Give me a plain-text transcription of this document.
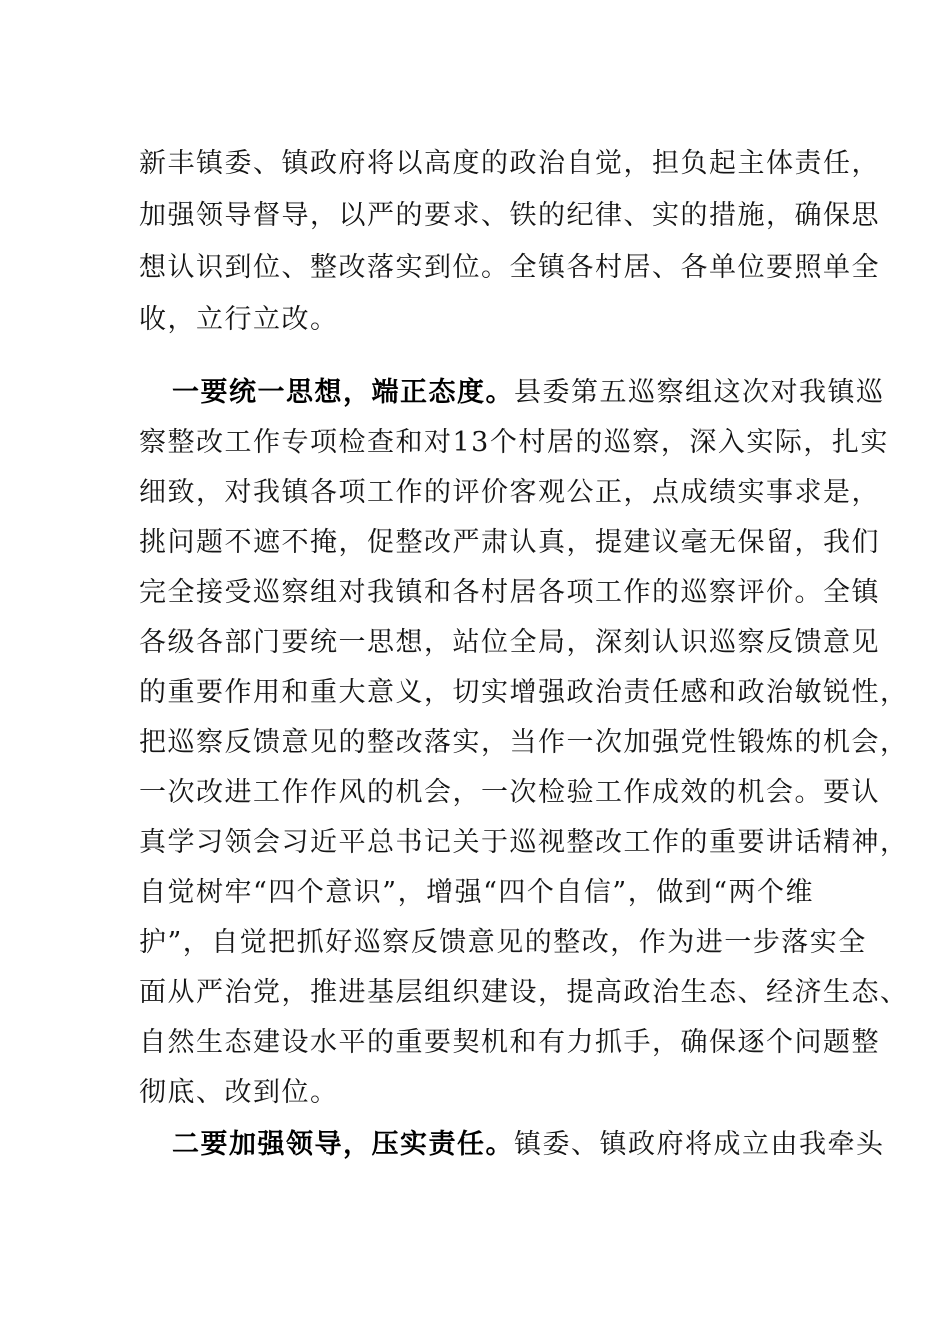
新丰镇委、镇政府将以高度的政治自觉，担负起主体责任，
加强领导督导，以严的要求、铁的纪律、实的措施，确保思
想认识到位、整改落实到位。全镇各村居、各单位要照单全
收，立行立改。
一要统一思想，端正态度。县委第五巡察组这次对我镇巡
察整改工作专项检查和对13个村居的巡察，深入实际，扎实
细致，对我镇各项工作的评价客观公正，点成绩实事求是，
挑问题不遮不掩，促整改严肃认真，提建议毫无保留，我们
完全接受巡察组对我镇和各村居各项工作的巡察评价。全镇
各级各部门要统一思想，站位全局，深刻认识巡察反馈意见
的重要作用和重大意义，切实增强政治责任感和政治敏锐性，
把巡察反馈意见的整改落实，当作一次加强党性锻炼的机会，
一次改进工作作风的机会，一次检验工作成效的机会。要认
真学习领会习近平总书记关于巡视整改工作的重要讲话精神，
自觉树牢“四个意识”，增强“四个自信”，做到“两个维
护”，自觉把抓好巡察反馈意见的整改，作为进一步落实全
面从严治党，推进基层组织建设，提高政治生态、经济生态、
自然生态建设水平的重要契机和有力抓手，确保逐个问题整
彻底、改到位。
二要加强领导，压实责任。镇委、镇政府将成立由我牵头
